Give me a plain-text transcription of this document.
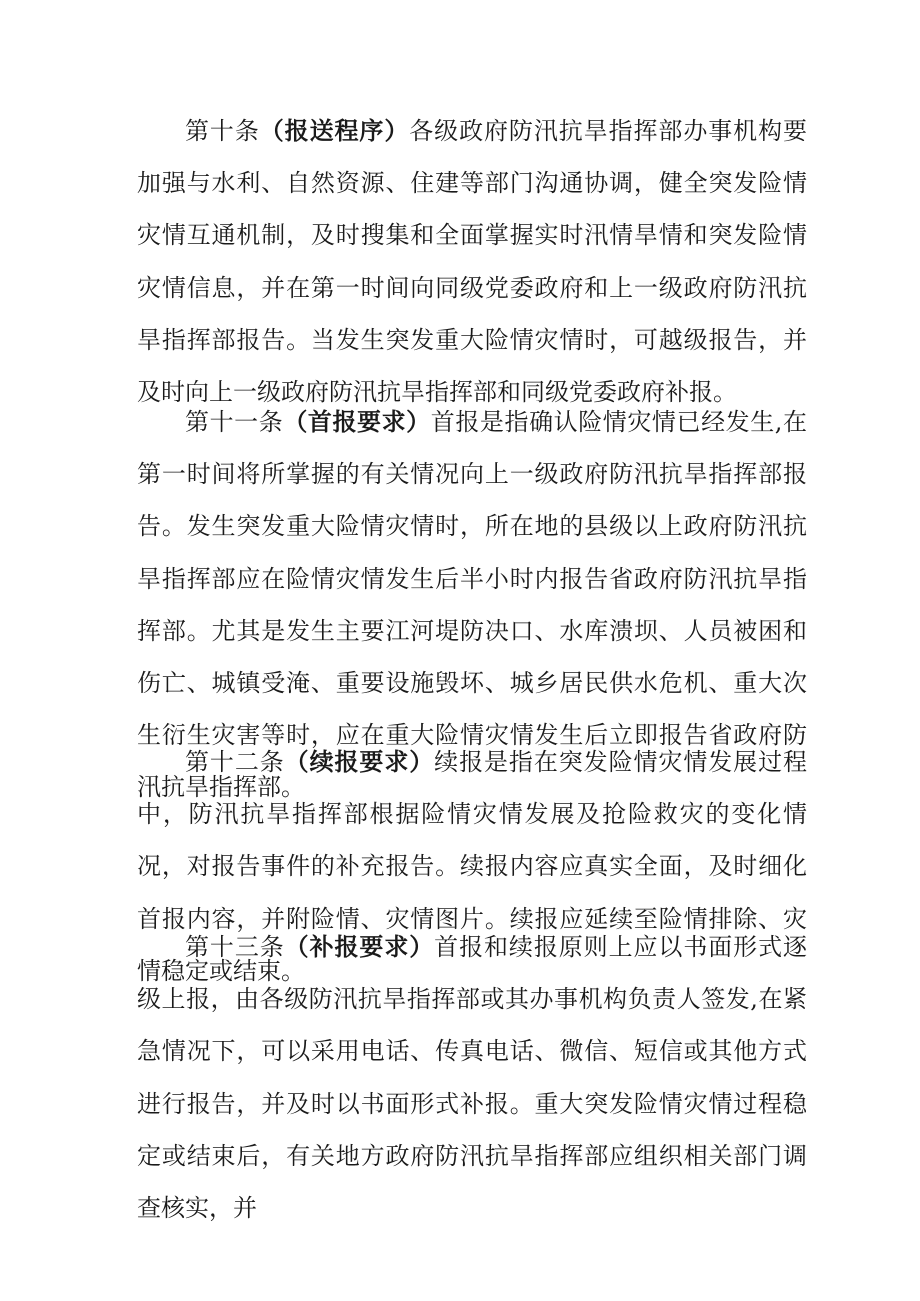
第十条（报送程序）各级政府防汛抗旱指挥部办事机构要加强与水利、自然资源、住建等部门沟通协调，健全突发险情灾情互通机制，及时搜集和全面掌握实时汛情旱情和突发险情灾情信息，并在第一时间向同级党委政府和上一级政府防汛抗旱指挥部报告。当发生突发重大险情灾情时，可越级报告，并及时向上一级政府防汛抗旱指挥部和同级党委政府补报。

第十一条（首报要求）首报是指确认险情灾情已经发生,在第一时间将所掌握的有关情况向上一级政府防汛抗旱指挥部报告。发生突发重大险情灾情时，所在地的县级以上政府防汛抗旱指挥部应在险情灾情发生后半小时内报告省政府防汛抗旱指挥部。尤其是发生主要江河堤防决口、水库溃坝、人员被困和伤亡、城镇受淹、重要设施毁坏、城乡居民供水危机、重大次生衍生灾害等时，应在重大险情灾情发生后立即报告省政府防汛抗旱指挥部。

第十二条（续报要求）续报是指在突发险情灾情发展过程中，防汛抗旱指挥部根据险情灾情发展及抢险救灾的变化情况，对报告事件的补充报告。续报内容应真实全面，及时细化首报内容，并附险情、灾情图片。续报应延续至险情排除、灾情稳定或结束。

第十三条（补报要求）首报和续报原则上应以书面形式逐级上报，由各级防汛抗旱指挥部或其办事机构负责人签发,在紧急情况下，可以采用电话、传真电话、微信、短信或其他方式进行报告，并及时以书面形式补报。重大突发险情灾情过程稳定或结束后，有关地方政府防汛抗旱指挥部应组织相关部门调查核实，并
